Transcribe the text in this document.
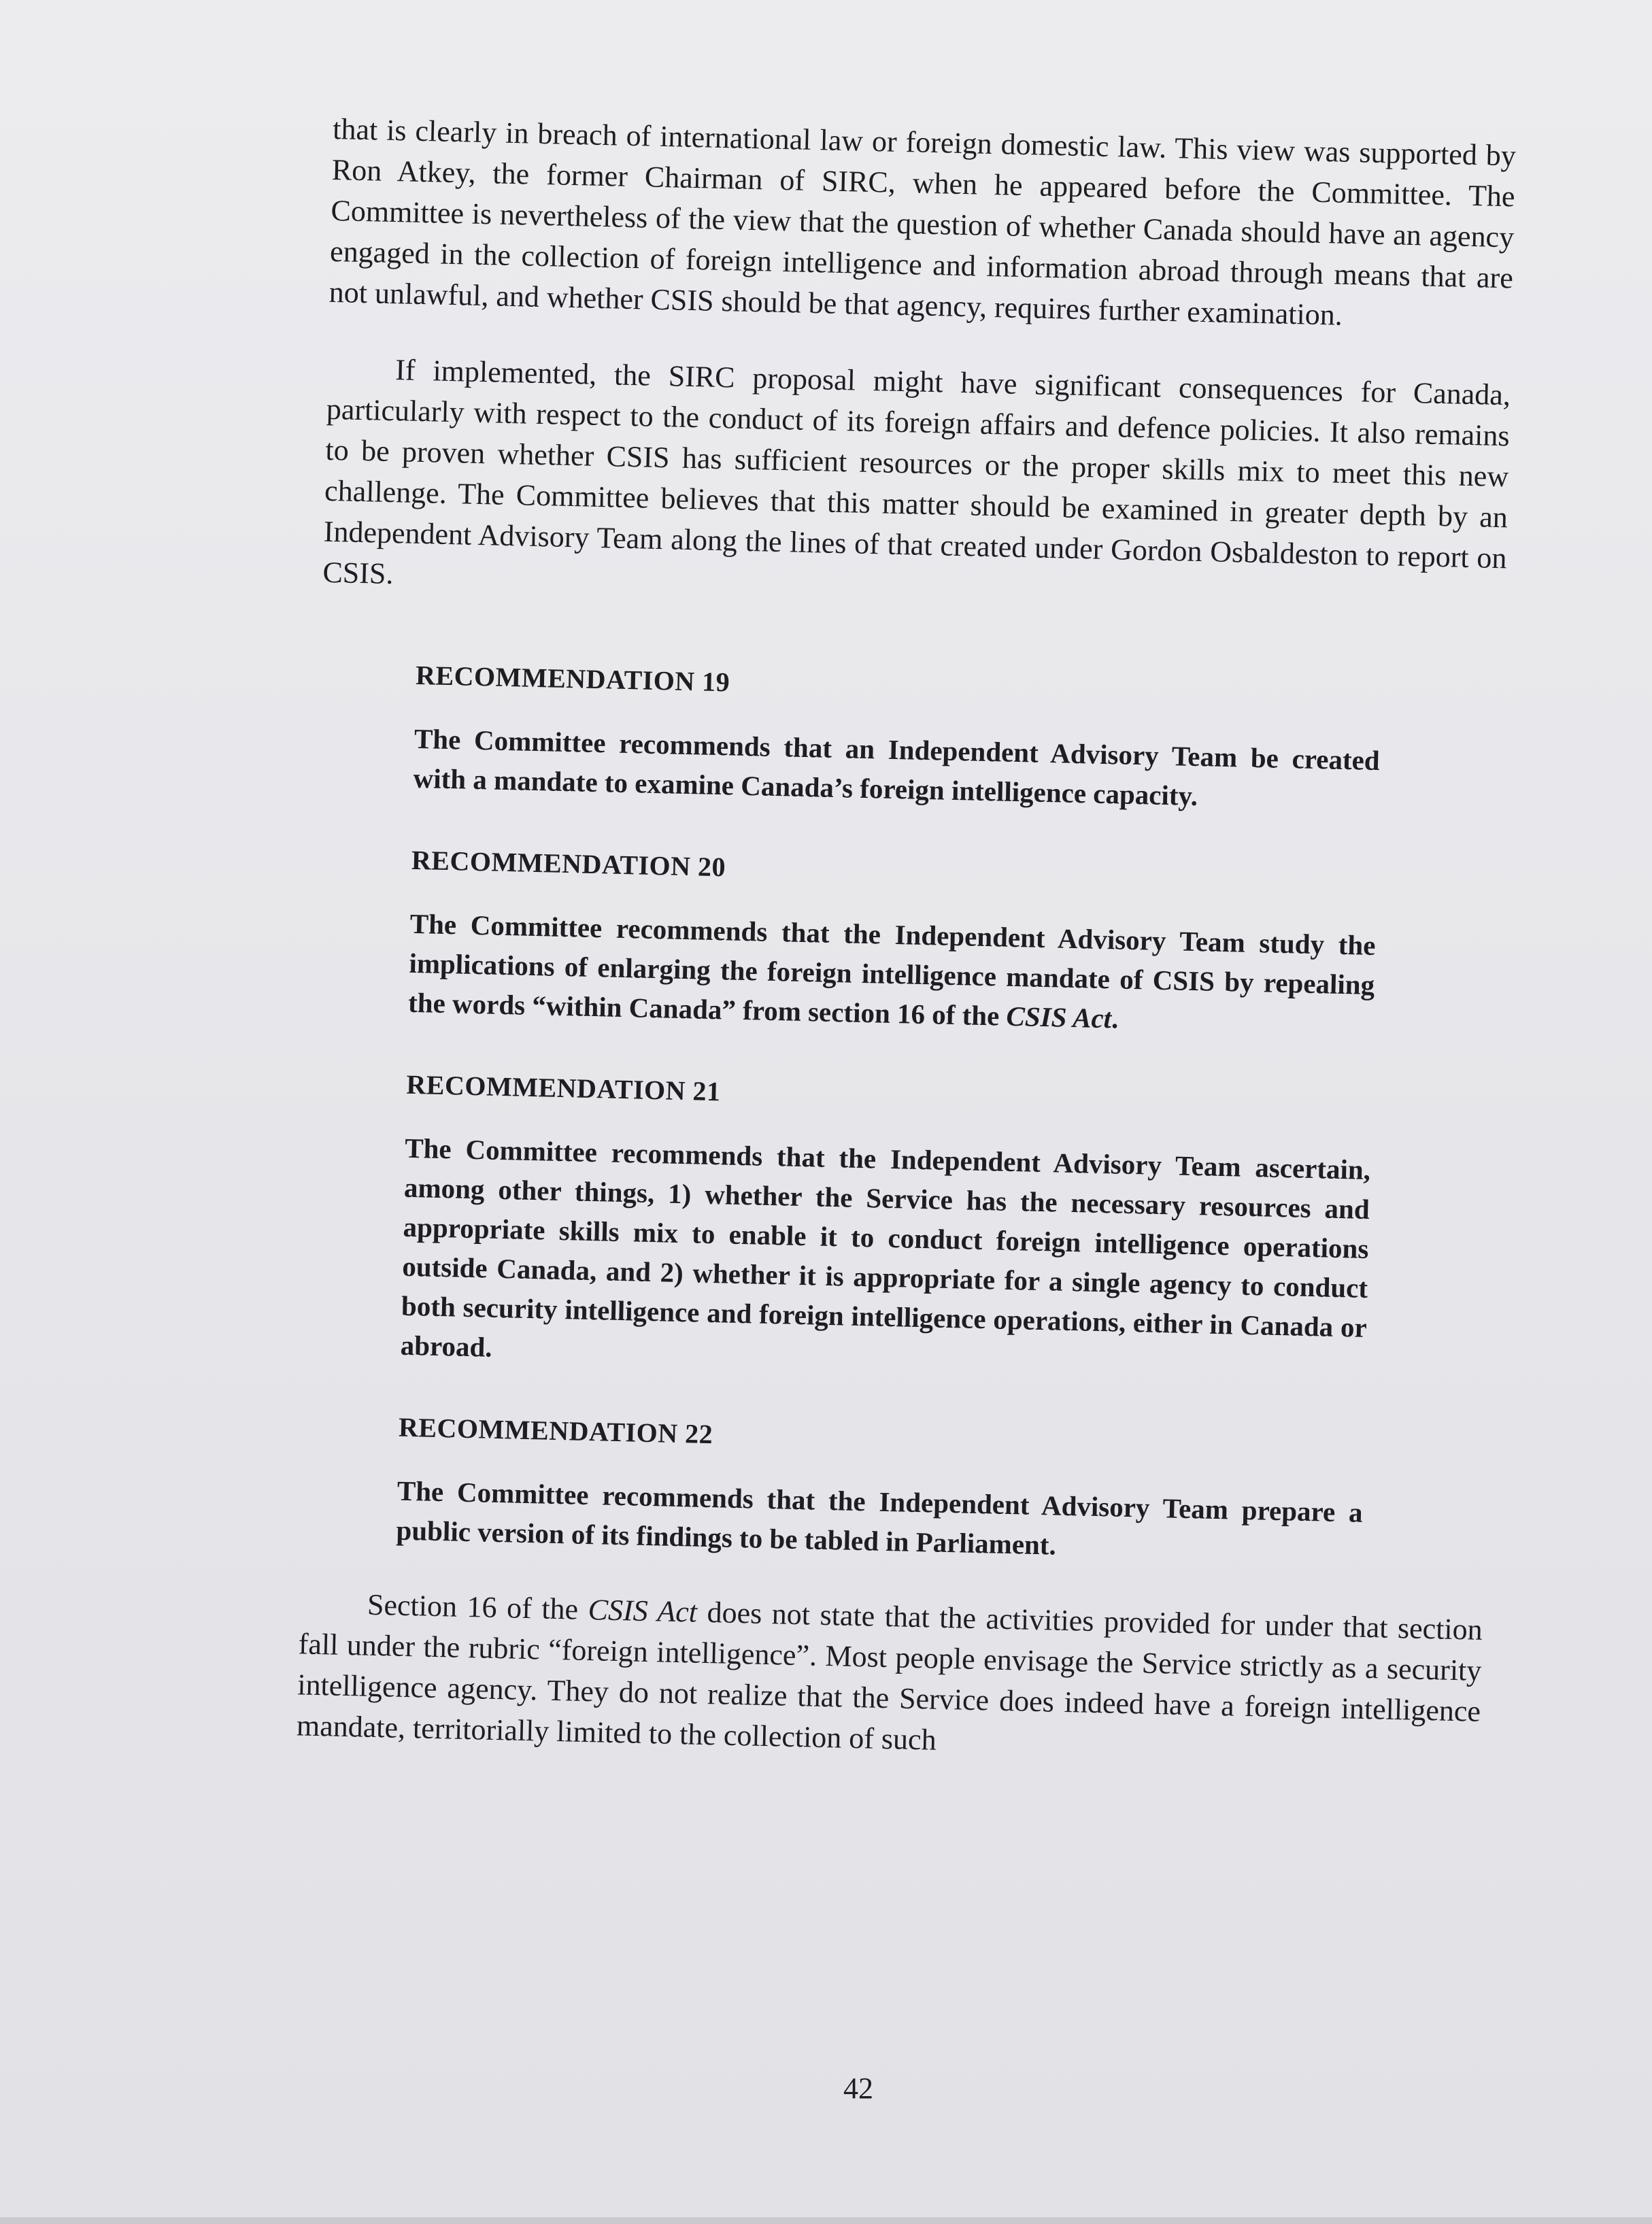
that is clearly in breach of international law or foreign domestic law. This view was supported by Ron Atkey, the former Chairman of SIRC, when he appeared before the Committee. The Committee is nevertheless of the view that the question of whether Canada should have an agency engaged in the collection of foreign intelligence and information abroad through means that are not unlawful, and whether CSIS should be that agency, requires further examination.

If implemented, the SIRC proposal might have significant consequences for Canada, particularly with respect to the conduct of its foreign affairs and defence policies. It also remains to be proven whether CSIS has sufficient resources or the proper skills mix to meet this new challenge. The Committee believes that this matter should be examined in greater depth by an Independent Advisory Team along the lines of that created under Gordon Osbaldeston to report on CSIS.

RECOMMENDATION 19

The Committee recommends that an Independent Advisory Team be created with a mandate to examine Canada’s foreign intelligence capacity.

RECOMMENDATION 20

The Committee recommends that the Independent Advisory Team study the implications of enlarging the foreign intelligence mandate of CSIS by repealing the words “within Canada” from section 16 of the CSIS Act.

RECOMMENDATION 21

The Committee recommends that the Independent Advisory Team ascertain, among other things, 1) whether the Service has the necessary resources and appropriate skills mix to enable it to conduct foreign intelligence operations outside Canada, and 2) whether it is appropriate for a single agency to conduct both security intelligence and foreign intelligence operations, either in Canada or abroad.

RECOMMENDATION 22

The Committee recommends that the Independent Advisory Team prepare a public version of its findings to be tabled in Parliament.

Section 16 of the CSIS Act does not state that the activities provided for under that section fall under the rubric “foreign intelligence”. Most people envisage the Service strictly as a security intelligence agency. They do not realize that the Service does indeed have a foreign intelligence mandate, territorially limited to the collection of such

42
